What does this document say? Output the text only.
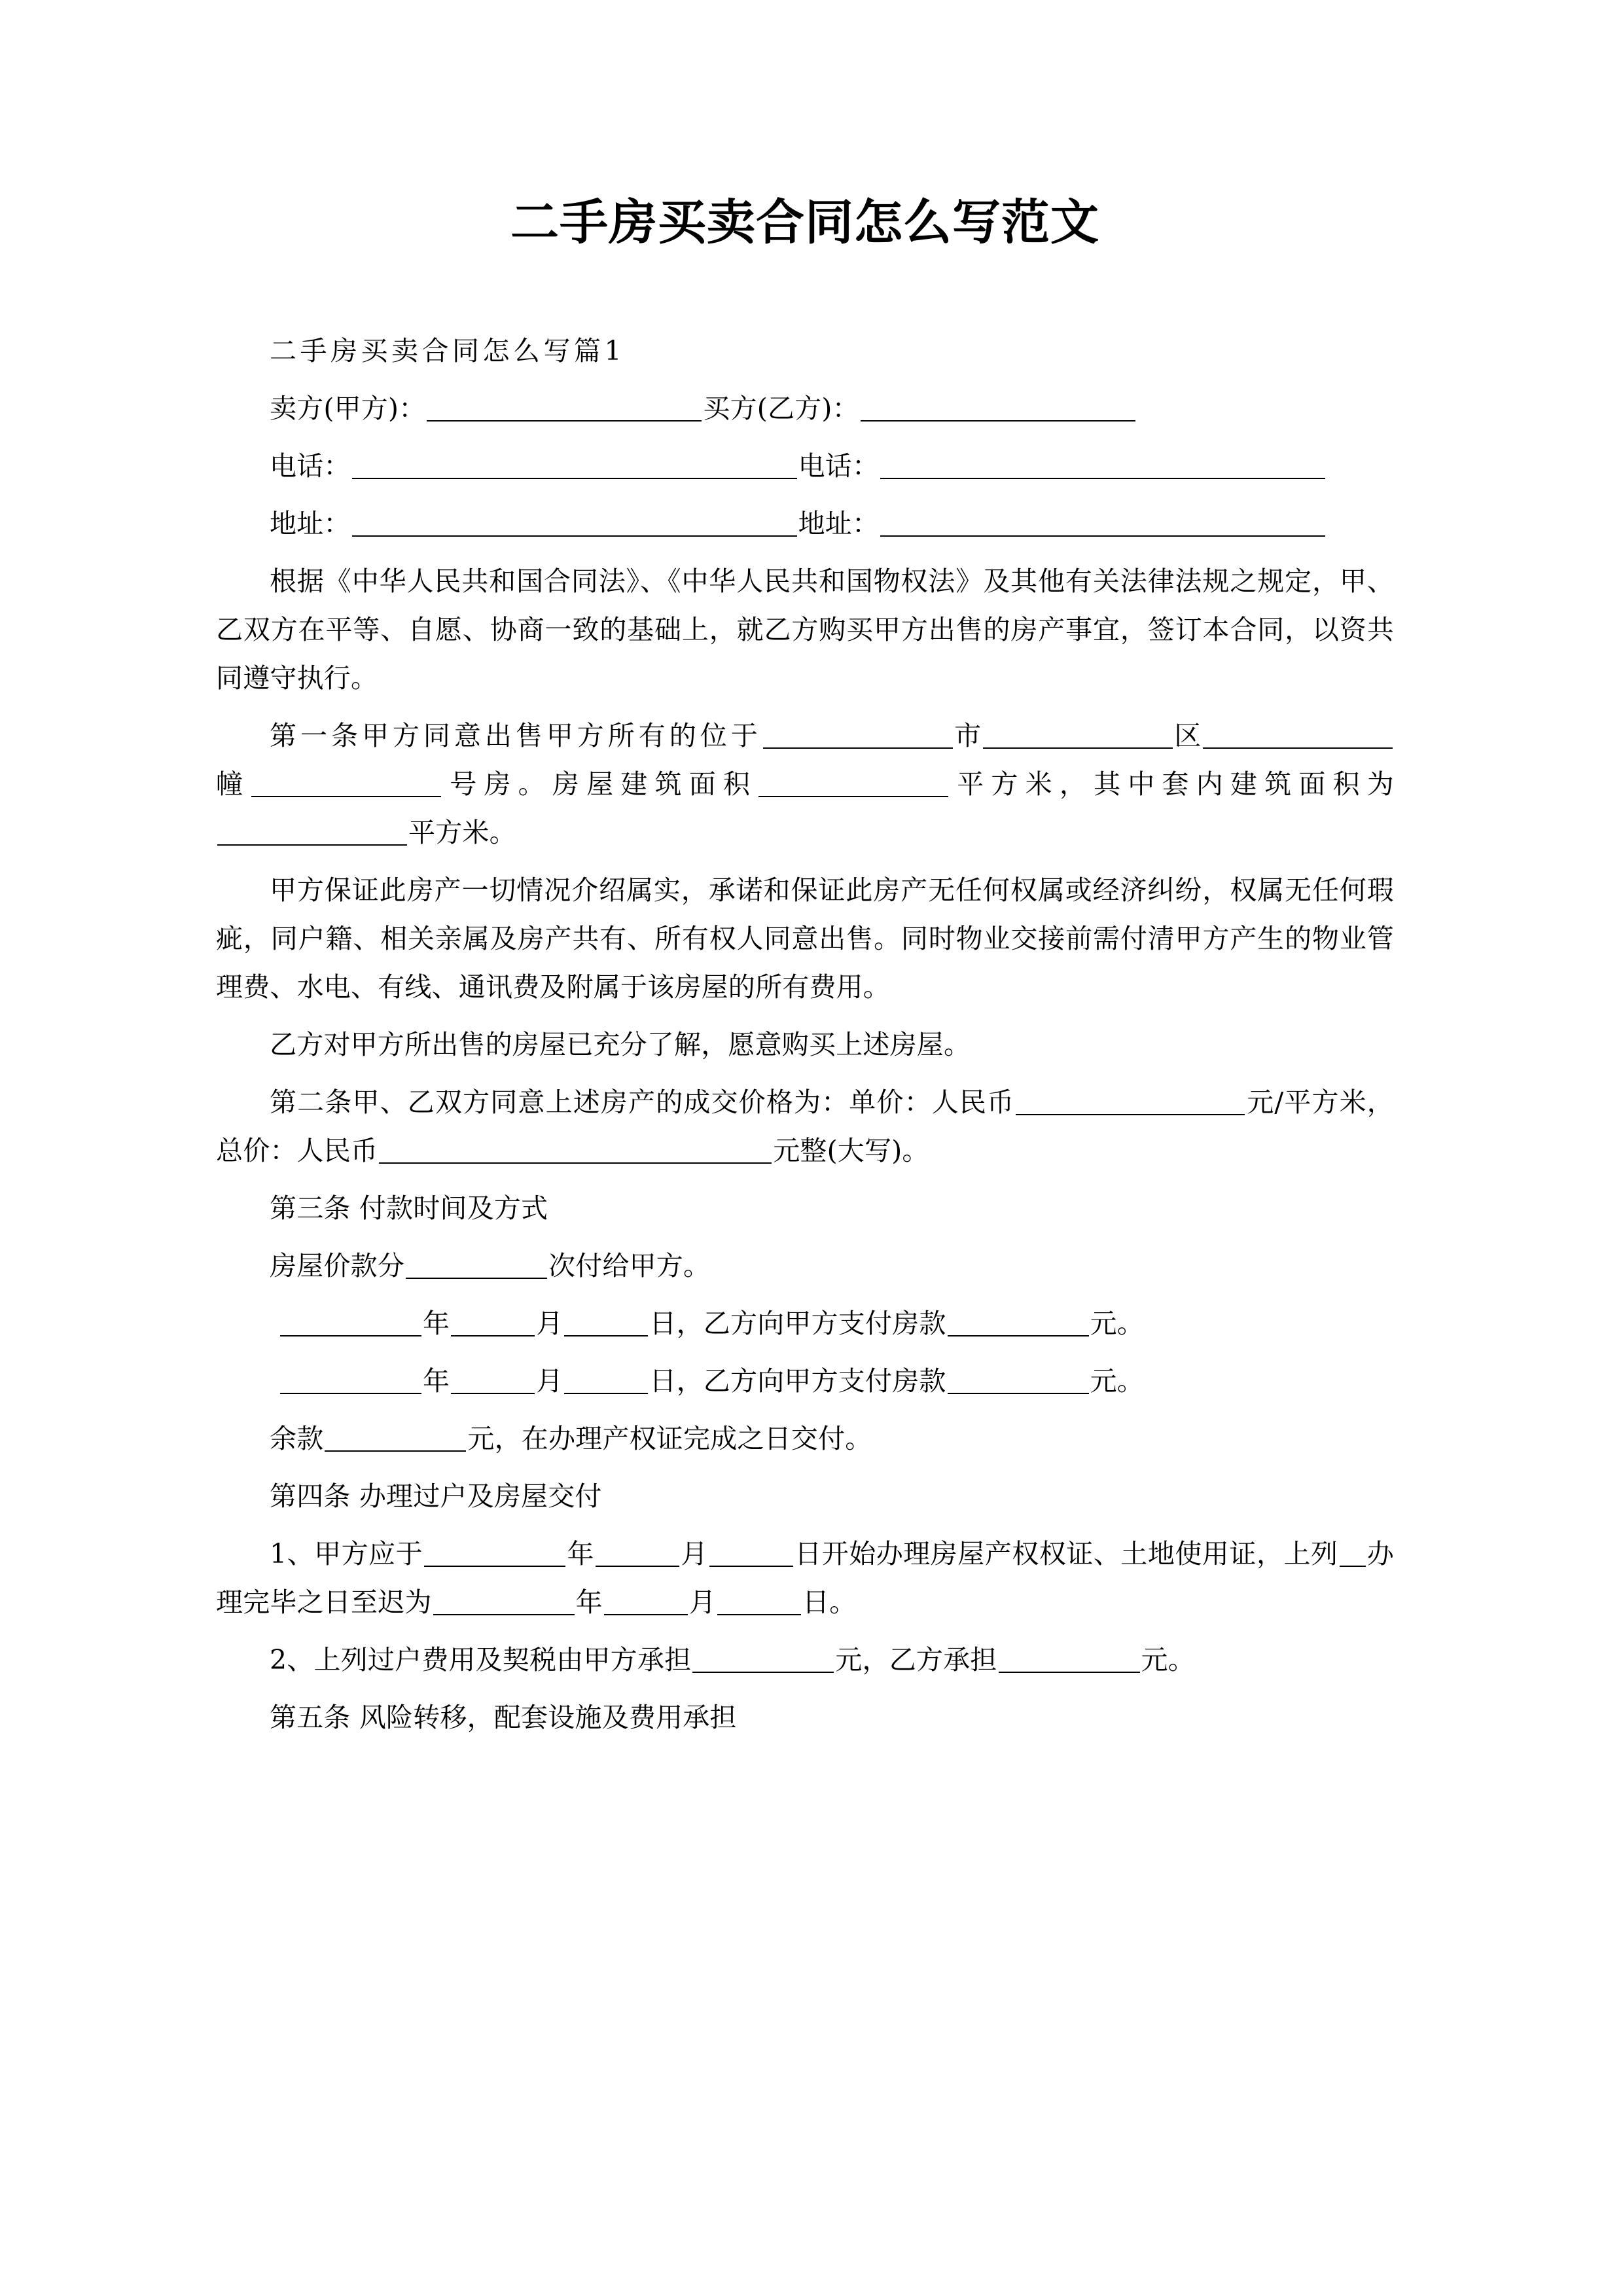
二手房买卖合同怎么写范文

二手房买卖合同怎么写篇1

卖方(甲方)：	买方(乙方)：

电话：	电话：

地址：	地址：

根据《中华人民共和国合同法》、《中华人民共和国物权法》及其他有关法律法规之规定，甲、乙双方在平等、自愿、协商一致的基础上，就乙方购买甲方出售的房产事宜，签订本合同，以资共同遵守执行。

第一条甲方同意出售甲方所有的位于	市	区幢	号房。房屋建筑面积	平方米，其中套内建筑面积为平方米。

甲方保证此房产一切情况介绍属实，承诺和保证此房产无任何权属或经济纠纷，权属无任何瑕疵，同户籍、相关亲属及房产共有、所有权人同意出售。同时物业交接前需付清甲方产生的物业管理费、水电、有线、通讯费及附属于该房屋的所有费用。

乙方对甲方所出售的房屋已充分了解，愿意购买上述房屋。

第二条甲、乙双方同意上述房产的成交价格为：单价：人民币	元/平方米，总价：人民币	元整(大写)。

第三条 付款时间及方式

房屋价款分	次付给甲方。

年	月	日，乙方向甲方支付房款	元。

年	月	日，乙方向甲方支付房款	元。

余款	元，在办理产权证完成之日交付。

第四条 办理过户及房屋交付

1、甲方应于	年	月	日开始办理房屋产权权证、土地使用证，上列 办理完毕之日至迟为	年	月	日。

2、上列过户费用及契税由甲方承担	元，乙方承担	元。

第五条 风险转移，配套设施及费用承担
